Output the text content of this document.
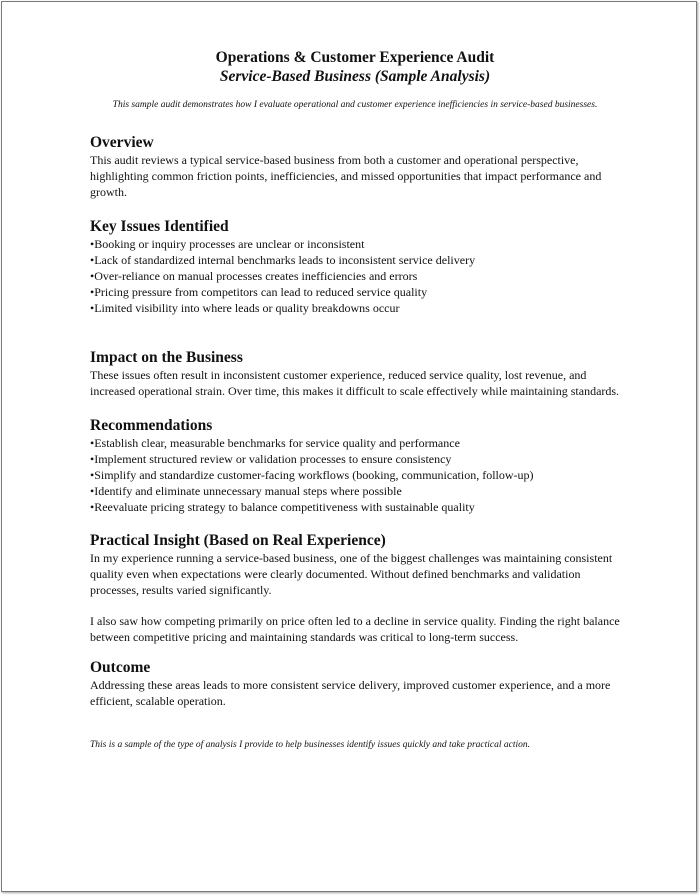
Operations & Customer Experience Audit
Service-Based Business (Sample Analysis)

This sample audit demonstrates how I evaluate operational and customer experience inefficiencies in service-based businesses.

Overview

This audit reviews a typical service-based business from both a customer and operational perspective, highlighting common friction points, inefficiencies, and missed opportunities that impact performance and growth.

Key Issues Identified
• Booking or inquiry processes are unclear or inconsistent
• Lack of standardized internal benchmarks leads to inconsistent service delivery
• Over-reliance on manual processes creates inefficiencies and errors
• Pricing pressure from competitors can lead to reduced service quality
• Limited visibility into where leads or quality breakdowns occur
Impact on the Business

These issues often result in inconsistent customer experience, reduced service quality, lost revenue, and increased operational strain. Over time, this makes it difficult to scale effectively while maintaining standards.

Recommendations
• Establish clear, measurable benchmarks for service quality and performance
• Implement structured review or validation processes to ensure consistency
• Simplify and standardize customer-facing workflows (booking, communication, follow-up)
• Identify and eliminate unnecessary manual steps where possible
• Reevaluate pricing strategy to balance competitiveness with sustainable quality
Practical Insight (Based on Real Experience)

In my experience running a service-based business, one of the biggest challenges was maintaining consistent quality even when expectations were clearly documented. Without defined benchmarks and validation processes, results varied significantly.

I also saw how competing primarily on price often led to a decline in service quality. Finding the right balance between competitive pricing and maintaining standards was critical to long-term success.

Outcome

Addressing these areas leads to more consistent service delivery, improved customer experience, and a more efficient, scalable operation.

This is a sample of the type of analysis I provide to help businesses identify issues quickly and take practical action.
